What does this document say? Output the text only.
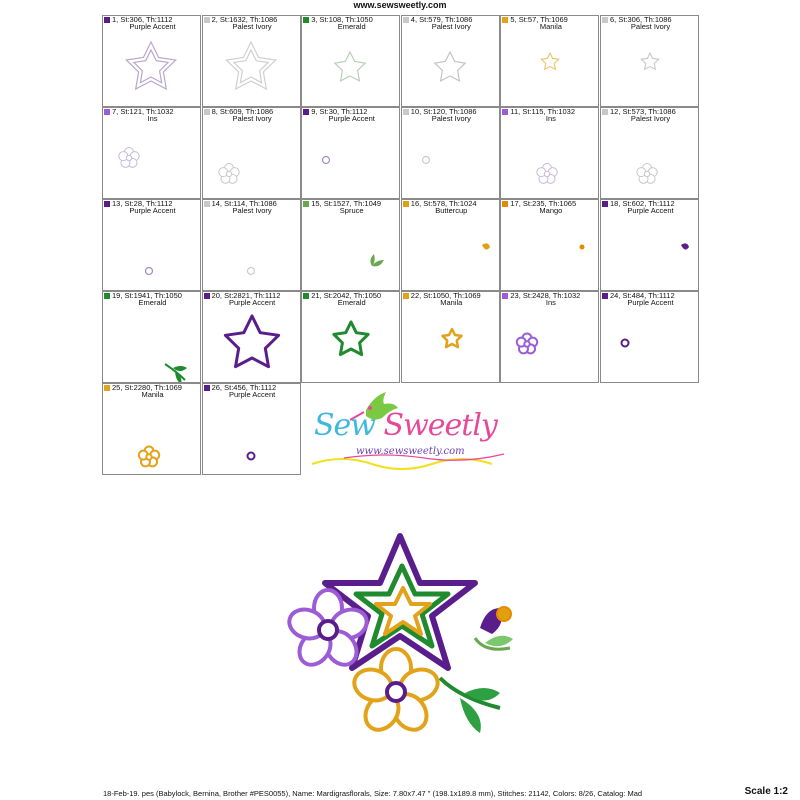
www.sewsweetly.com
1, St:306, Th:1112
Purple Accent
2, St:1632, Th:1086
Palest Ivory
3, St:108, Th:1050
Emerald
4, St:579, Th:1086
Palest Ivory
5, St:57, Th:1069
Manila
6, St:306, Th:1086
Palest Ivory
7, St:121, Th:1032
Ins
8, St:609, Th:1086
Palest Ivory
9, St:30, Th:1112
Purple Accent
10, St:120, Th:1086
Palest Ivory
11, St:115, Th:1032
Ins
12, St:573, Th:1086
Palest Ivory
13, St:28, Th:1112
Purple Accent
14, St:114, Th:1086
Palest Ivory
15, St:1527, Th:1049
Spruce
16, St:578, Th:1024
Buttercup
17, St:235, Th:1065
Mango
18, St:602, Th:1112
Purple Accent
19, St:1941, Th:1050
Emerald
20, St:2821, Th:1112
Purple Accent
21, St:2042, Th:1050
Emerald
22, St:1050, Th:1069
Manila
23, St:2428, Th:1032
Ins
24, St:484, Th:1112
Purple Accent
25, St:2280, Th:1069
Manila
26, St:456, Th:1112
Purple Accent
Sew Sweetly
www.sewsweetly.com
18-Feb-19. pes (Babylock, Bernina, Brother #PES0055), Name: Mardigrasflorals, Size: 7.80x7.47 " (198.1x189.8 mm), Stitches: 21142, Colors: 8/26, Catalog: Mad	Scale 1:2
